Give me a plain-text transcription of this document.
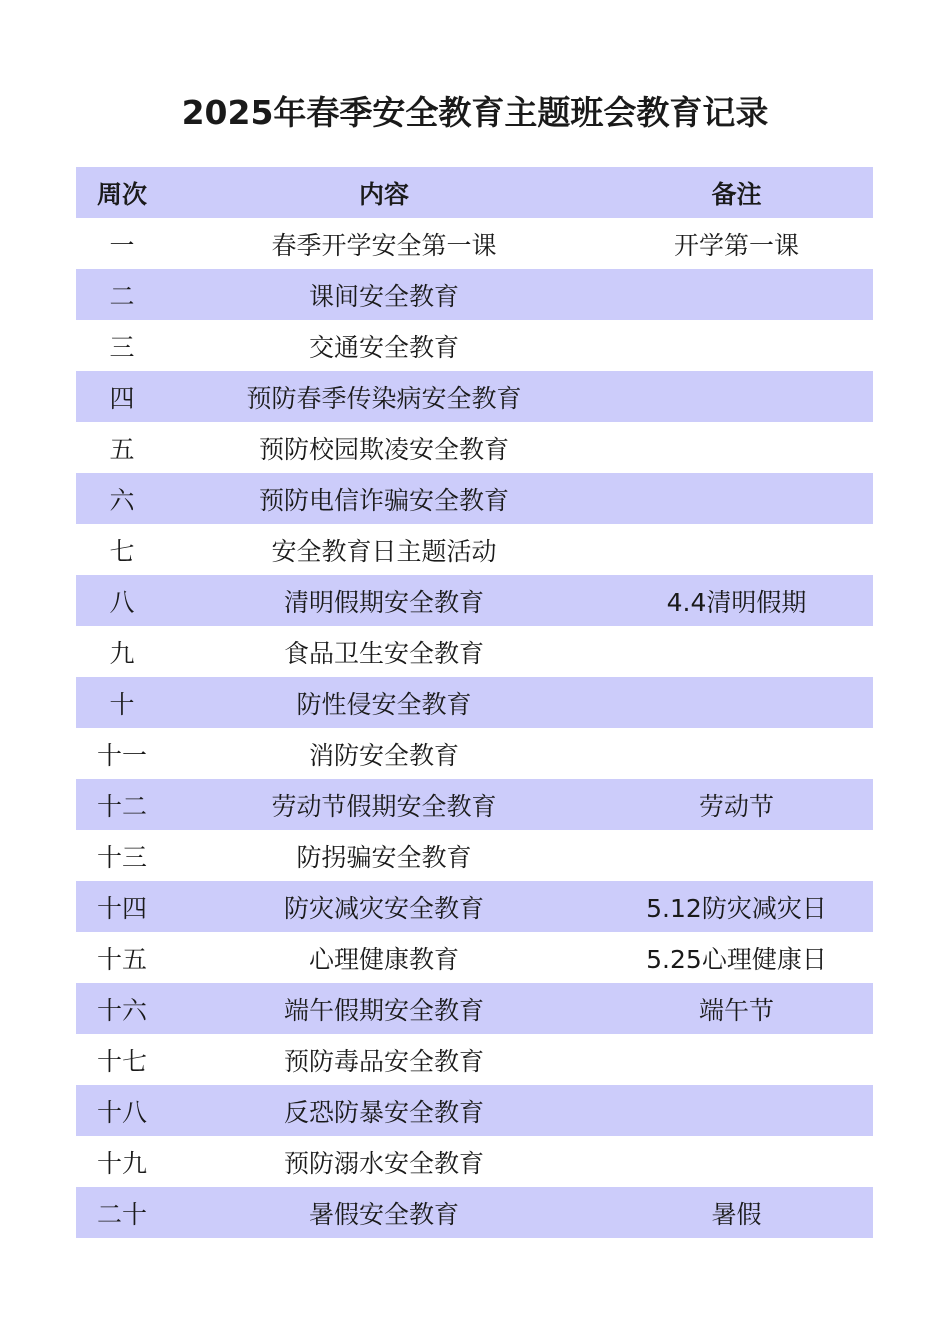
2025年春季安全教育主题班会教育记录
周次	内容	备注
一	春季开学安全第一课	开学第一课
二	课间安全教育
三	交通安全教育
四	预防春季传染病安全教育
五	预防校园欺凌安全教育
六	预防电信诈骗安全教育
七	安全教育日主题活动
八	清明假期安全教育	4.4清明假期
九	食品卫生安全教育
十	防性侵安全教育
十一	消防安全教育
十二	劳动节假期安全教育	劳动节
十三	防拐骗安全教育
十四	防灾减灾安全教育	5.12防灾减灾日
十五	心理健康教育	5.25心理健康日
十六	端午假期安全教育	端午节
十七	预防毒品安全教育
十八	反恐防暴安全教育
十九	预防溺水安全教育
二十	暑假安全教育	暑假
